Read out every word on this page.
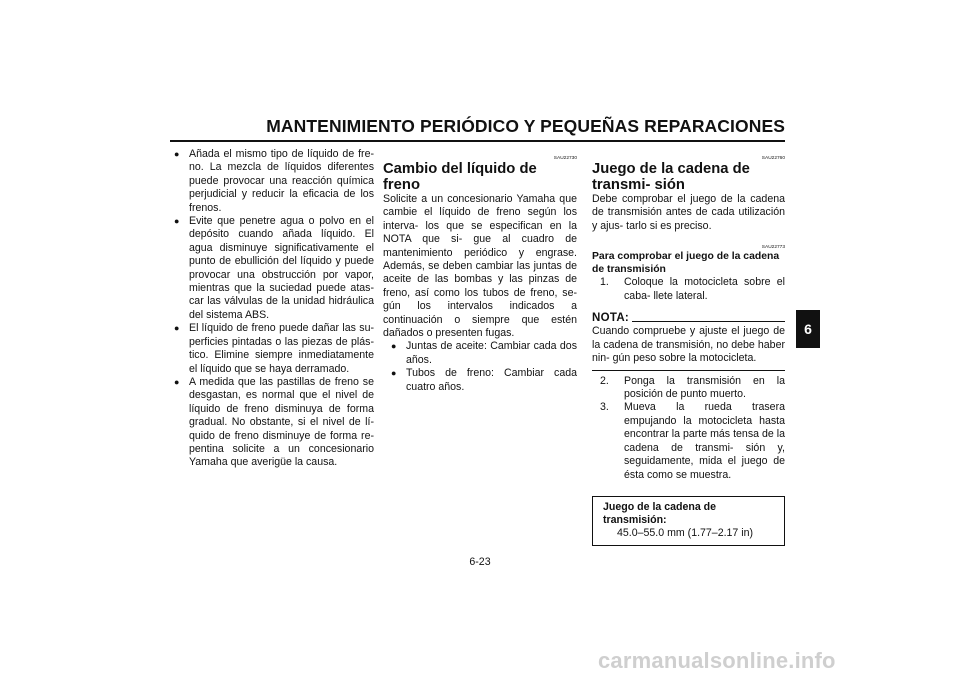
MANTENIMIENTO PERIÓDICO Y PEQUEÑAS REPARACIONES
6
● Añada el mismo tipo de líquido de fre- no. La mezcla de líquidos diferentes puede provocar una reacción química perjudicial y reducir la eficacia de los frenos.
● Evite que penetre agua o polvo en el depósito cuando añada líquido. El agua disminuye significativamente el punto de ebullición del líquido y puede provocar una obstrucción por vapor, mientras que la suciedad puede atas- car las válvulas de la unidad hidráulica del sistema ABS.
● El líquido de freno puede dañar las su- perficies pintadas o las piezas de plás- tico. Elimine siempre inmediatamente el líquido que se haya derramado.
● A medida que las pastillas de freno se desgastan, es normal que el nivel de líquido de freno disminuya de forma gradual. No obstante, si el nivel de lí- quido de freno disminuye de forma re- pentina solicite a un concesionario Yamaha que averigüe la causa.
SAU22730
Cambio del líquido de freno
Solicite a un concesionario Yamaha que cambie el líquido de freno según los interva- los que se especifican en la NOTA que si- gue al cuadro de mantenimiento periódico y engrase. Además, se deben cambiar las juntas de aceite de las bombas y las pinzas de freno, así como los tubos de freno, se- gún los intervalos indicados a continuación o siempre que estén dañados o presenten fugas.
● Juntas de aceite: Cambiar cada dos años.
● Tubos de freno: Cambiar cada cuatro años.
SAU22760
Juego de la cadena de transmi- sión
Debe comprobar el juego de la cadena de transmisión antes de cada utilización y ajus- tarlo si es preciso.
SAU22773
Para comprobar el juego de la cadena de transmisión
1. Coloque la motocicleta sobre el caba- llete lateral.
NOTA:
Cuando compruebe y ajuste el juego de la cadena de transmisión, no debe haber nin- gún peso sobre la motocicleta.
2. Ponga la transmisión en la posición de punto muerto.
3. Mueva la rueda trasera empujando la motocicleta hasta encontrar la parte más tensa de la cadena de transmi- sión y, seguidamente, mida el juego de ésta como se muestra.
Juego de la cadena de transmisión:
45.0–55.0 mm (1.77–2.17 in)
6-23
carmanualsonline.info
